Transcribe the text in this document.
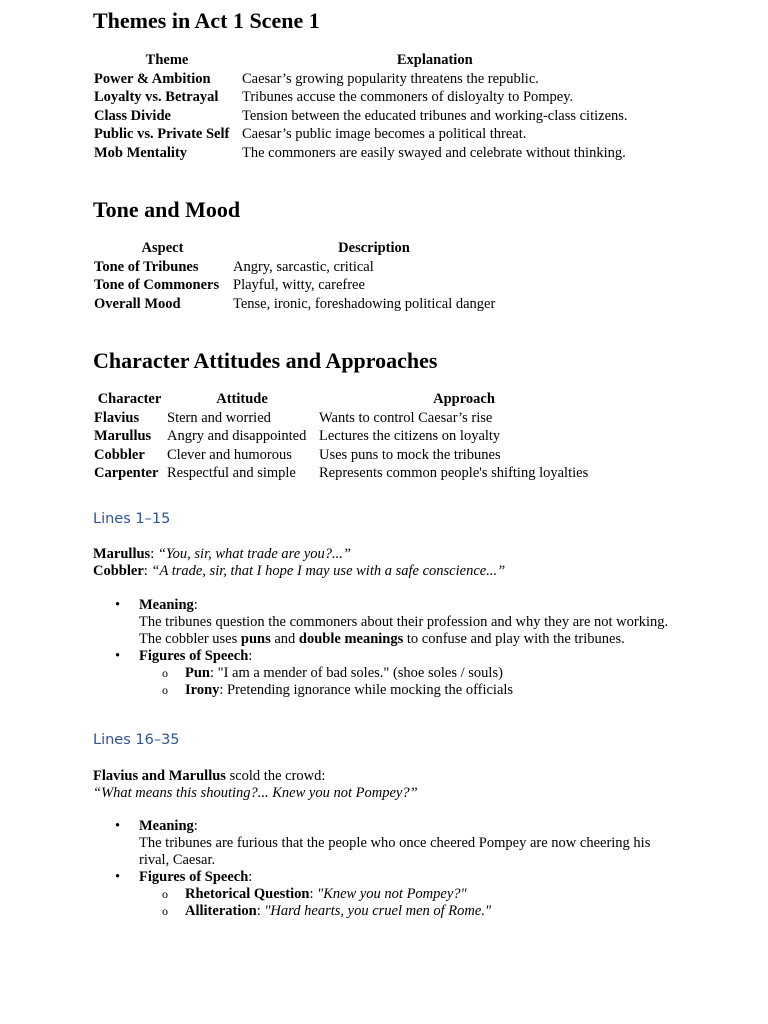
Themes in Act 1 Scene 1
Theme	Explanation
Power & Ambition	Caesar’s growing popularity threatens the republic.
Loyalty vs. Betrayal	Tribunes accuse the commoners of disloyalty to Pompey.
Class Divide	Tension between the educated tribunes and working-class citizens.
Public vs. Private Self	Caesar’s public image becomes a political threat.
Mob Mentality	The commoners are easily swayed and celebrate without thinking.
Tone and Mood
Aspect	Description
Tone of Tribunes	Angry, sarcastic, critical
Tone of Commoners	Playful, witty, carefree
Overall Mood	Tense, ironic, foreshadowing political danger
Character Attitudes and Approaches
Character	Attitude	Approach
Flavius	Stern and worried	Wants to control Caesar’s rise
Marullus	Angry and disappointed	Lectures the citizens on loyalty
Cobbler	Clever and humorous	Uses puns to mock the tribunes
Carpenter	Respectful and simple	Represents common people's shifting loyalties
Lines 1–15

Marullus: “You, sir, what trade are you?...”

Cobbler: “A trade, sir, that I hope I may use with a safe conscience...”

• Meaning:
The tribunes question the commoners about their profession and why they are not working.
The cobbler uses puns and double meanings to confuse and play with the tribunes.
• Figures of Speech:
o Pun: "I am a mender of bad soles." (shoe soles / souls)
o Irony: Pretending ignorance while mocking the officials
Lines 16–35

Flavius and Marullus scold the crowd:

“What means this shouting?... Knew you not Pompey?”

• Meaning:
The tribunes are furious that the people who once cheered Pompey are now cheering his rival, Caesar.
• Figures of Speech:
o Rhetorical Question: "Knew you not Pompey?"
o Alliteration: "Hard hearts, you cruel men of Rome."
